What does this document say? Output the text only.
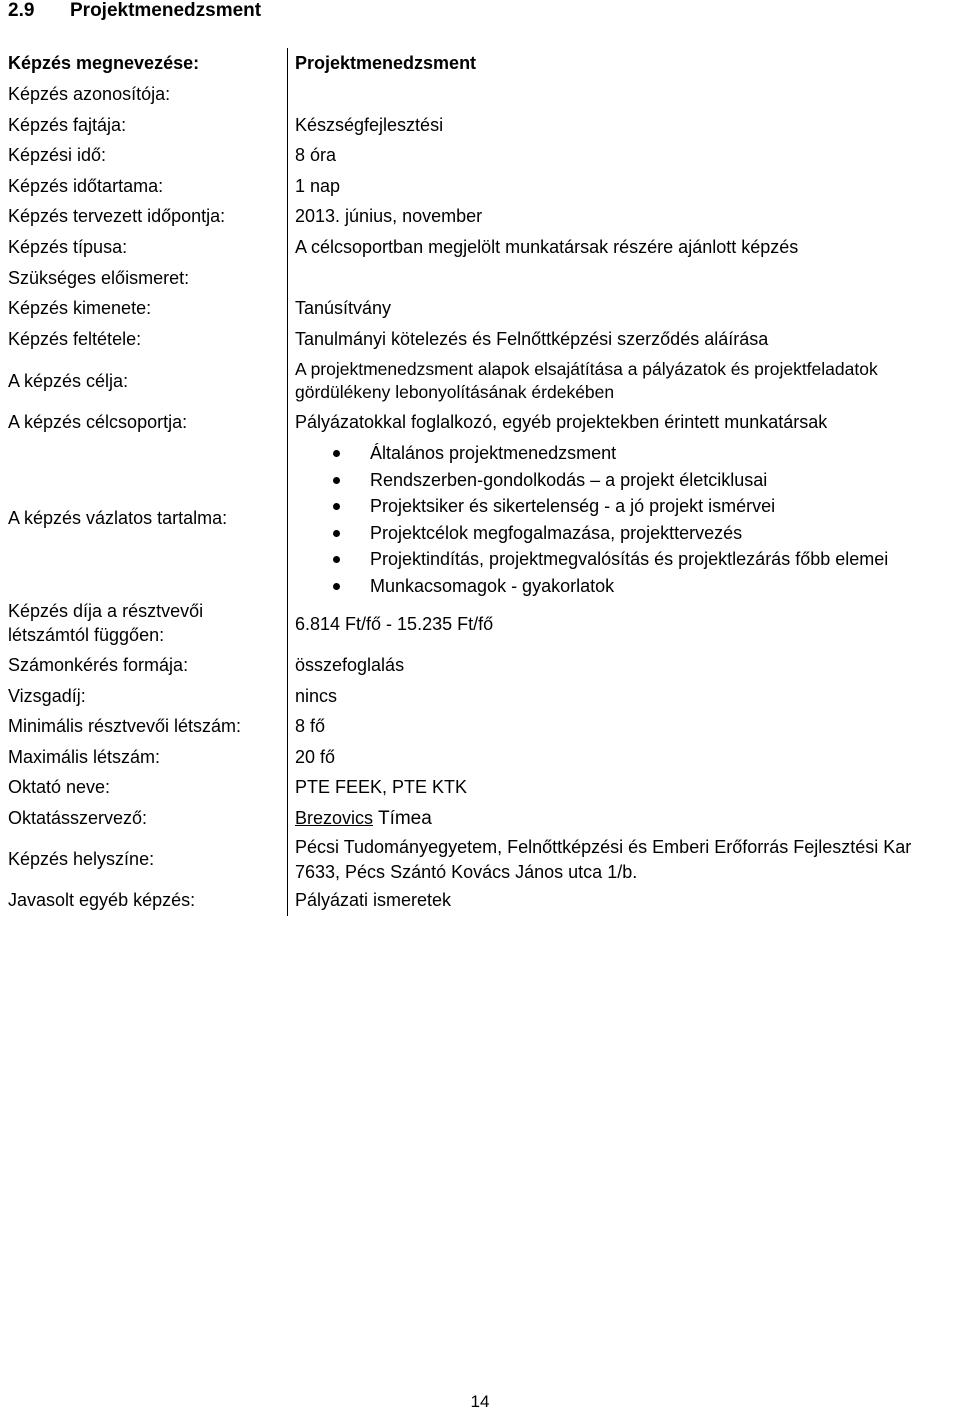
2.9 Projektmenedzsment
Képzés megnevezése:	Projektmenedzsment
Képzés azonosítója:
Képzés fajtája:	Készségfejlesztési
Képzési idő:	8 óra
Képzés időtartama:	1 nap
Képzés tervezett időpontja:	2013. június, november
Képzés típusa:	A célcsoportban megjelölt munkatársak részére ajánlott képzés
Szükséges előismeret:
Képzés kimenete:	Tanúsítvány
Képzés feltétele:	Tanulmányi kötelezés és Felnőttképzési szerződés aláírása
A képzés célja:
A projektmenedzsment alapok elsajátítása a pályázatok és projektfeladatok
gördülékeny lebonyolításának érdekében
A képzés célcsoportja:	Pályázatokkal foglalkozó, egyéb projektekben érintett munkatársak
A képzés vázlatos tartalma:
Általános projektmenedzsment
Rendszerben-gondolkodás – a projekt életciklusai
Projektsiker és sikertelenség - a jó projekt ismérvei
Projektcélok megfogalmazása, projekttervezés
Projektindítás, projektmegvalósítás és projektlezárás főbb elemei
Munkacsomagok - gyakorlatok
Képzés díja a résztvevői
létszámtól függően:
6.814 Ft/fő - 15.235 Ft/fő
Számonkérés formája:	összefoglalás
Vizsgadíj:	nincs
Minimális résztvevői létszám:	8 fő
Maximális létszám:	20 fő
Oktató neve:	PTE FEEK, PTE KTK
Oktatásszervező:	Brezovics Tímea
Képzés helyszíne:
Pécsi Tudományegyetem, Felnőttképzési és Emberi Erőforrás Fejlesztési Kar
7633, Pécs Szántó Kovács János utca 1/b.
Javasolt egyéb képzés:	Pályázati ismeretek
14
